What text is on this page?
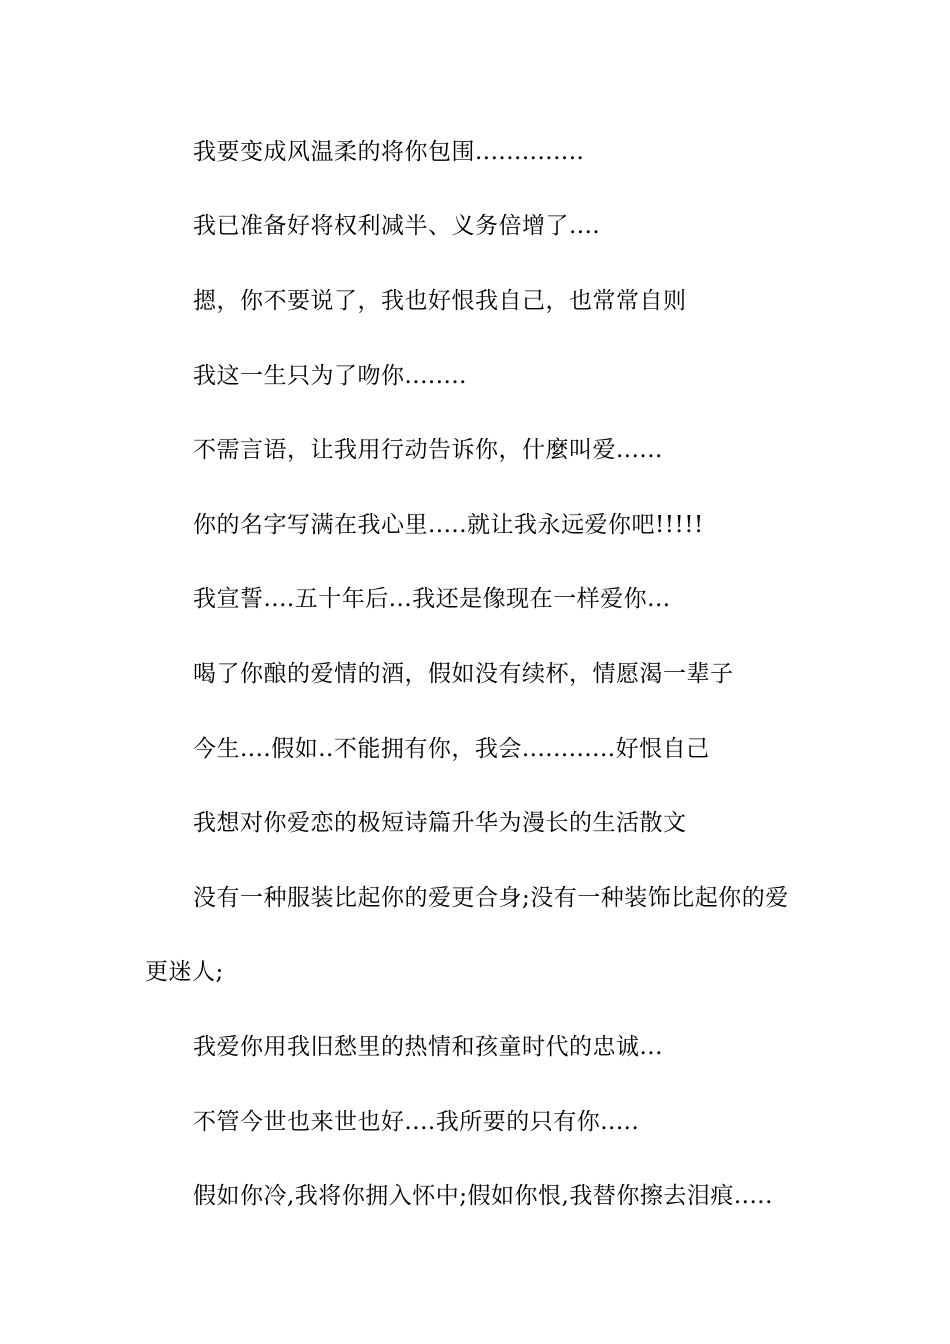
我要变成风温柔的将你包围..............
我已准备好将权利减半、义务倍增了....
摁，你不要说了，我也好恨我自己，也常常自则
我这一生只为了吻你........
不需言语，让我用行动告诉你，什麼叫爱......
你的名字写满在我心里.....就让我永远爱你吧!!!!!
我宣誓....五十年后...我还是像现在一样爱你...
喝了你酿的爱情的酒，假如没有续杯，情愿渴一辈子
今生....假如..不能拥有你，我会............好恨自己
我想对你爱恋的极短诗篇升华为漫长的生活散文
没有一种服装比起你的爱更合身;没有一种装饰比起你的爱
更迷人;
我爱你用我旧愁里的热情和孩童时代的忠诚...
不管今世也来世也好....我所要的只有你.....
假如你冷,我将你拥入怀中;假如你恨,我替你擦去泪痕.....
